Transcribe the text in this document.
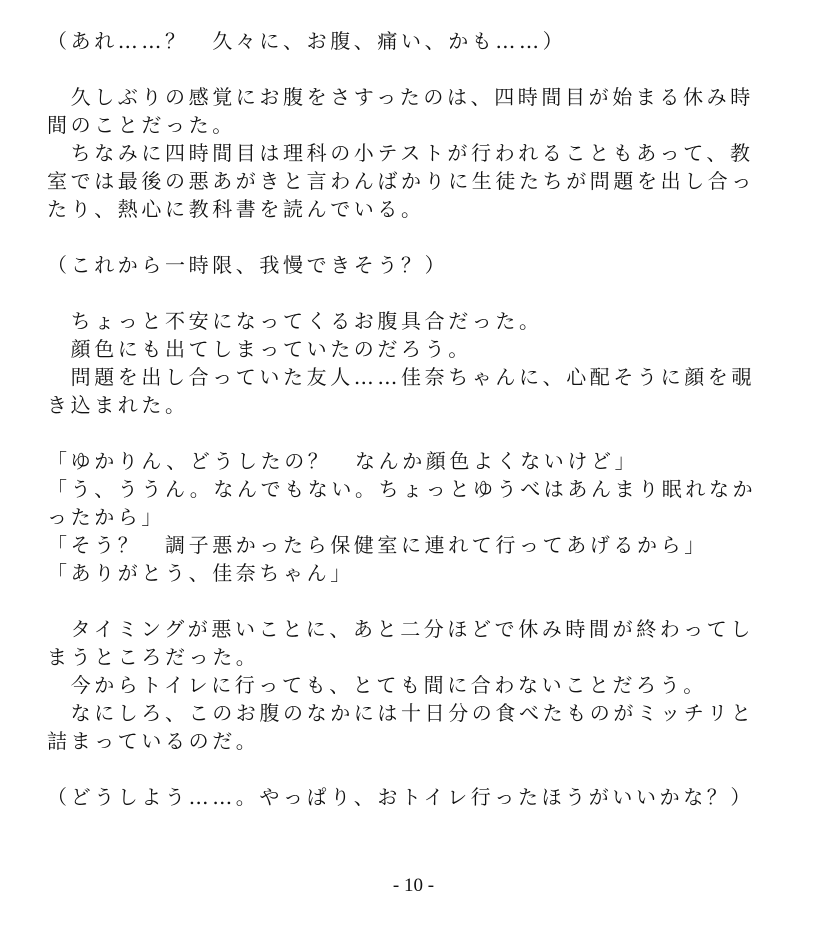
（あれ……？　久々に、お腹、痛い、かも……）
　久しぶりの感覚にお腹をさすったのは、四時間目が始まる休み時
間のことだった。
　ちなみに四時間目は理科の小テストが行われることもあって、教
室では最後の悪あがきと言わんばかりに生徒たちが問題を出し合っ
たり、熱心に教科書を読んでいる。
（これから一時限、我慢できそう？）
　ちょっと不安になってくるお腹具合だった。
　顔色にも出てしまっていたのだろう。
　問題を出し合っていた友人……佳奈ちゃんに、心配そうに顔を覗
き込まれた。
「ゆかりん、どうしたの？　なんか顔色よくないけど」
「う、ううん。なんでもない。ちょっとゆうべはあんまり眠れなか
ったから」
「そう？　調子悪かったら保健室に連れて行ってあげるから」
「ありがとう、佳奈ちゃん」
　タイミングが悪いことに、あと二分ほどで休み時間が終わってし
まうところだった。
　今からトイレに行っても、とても間に合わないことだろう。
　なにしろ、このお腹のなかには十日分の食べたものがミッチリと
詰まっているのだ。
（どうしよう……。やっぱり、おトイレ行ったほうがいいかな？）
- 10 -
